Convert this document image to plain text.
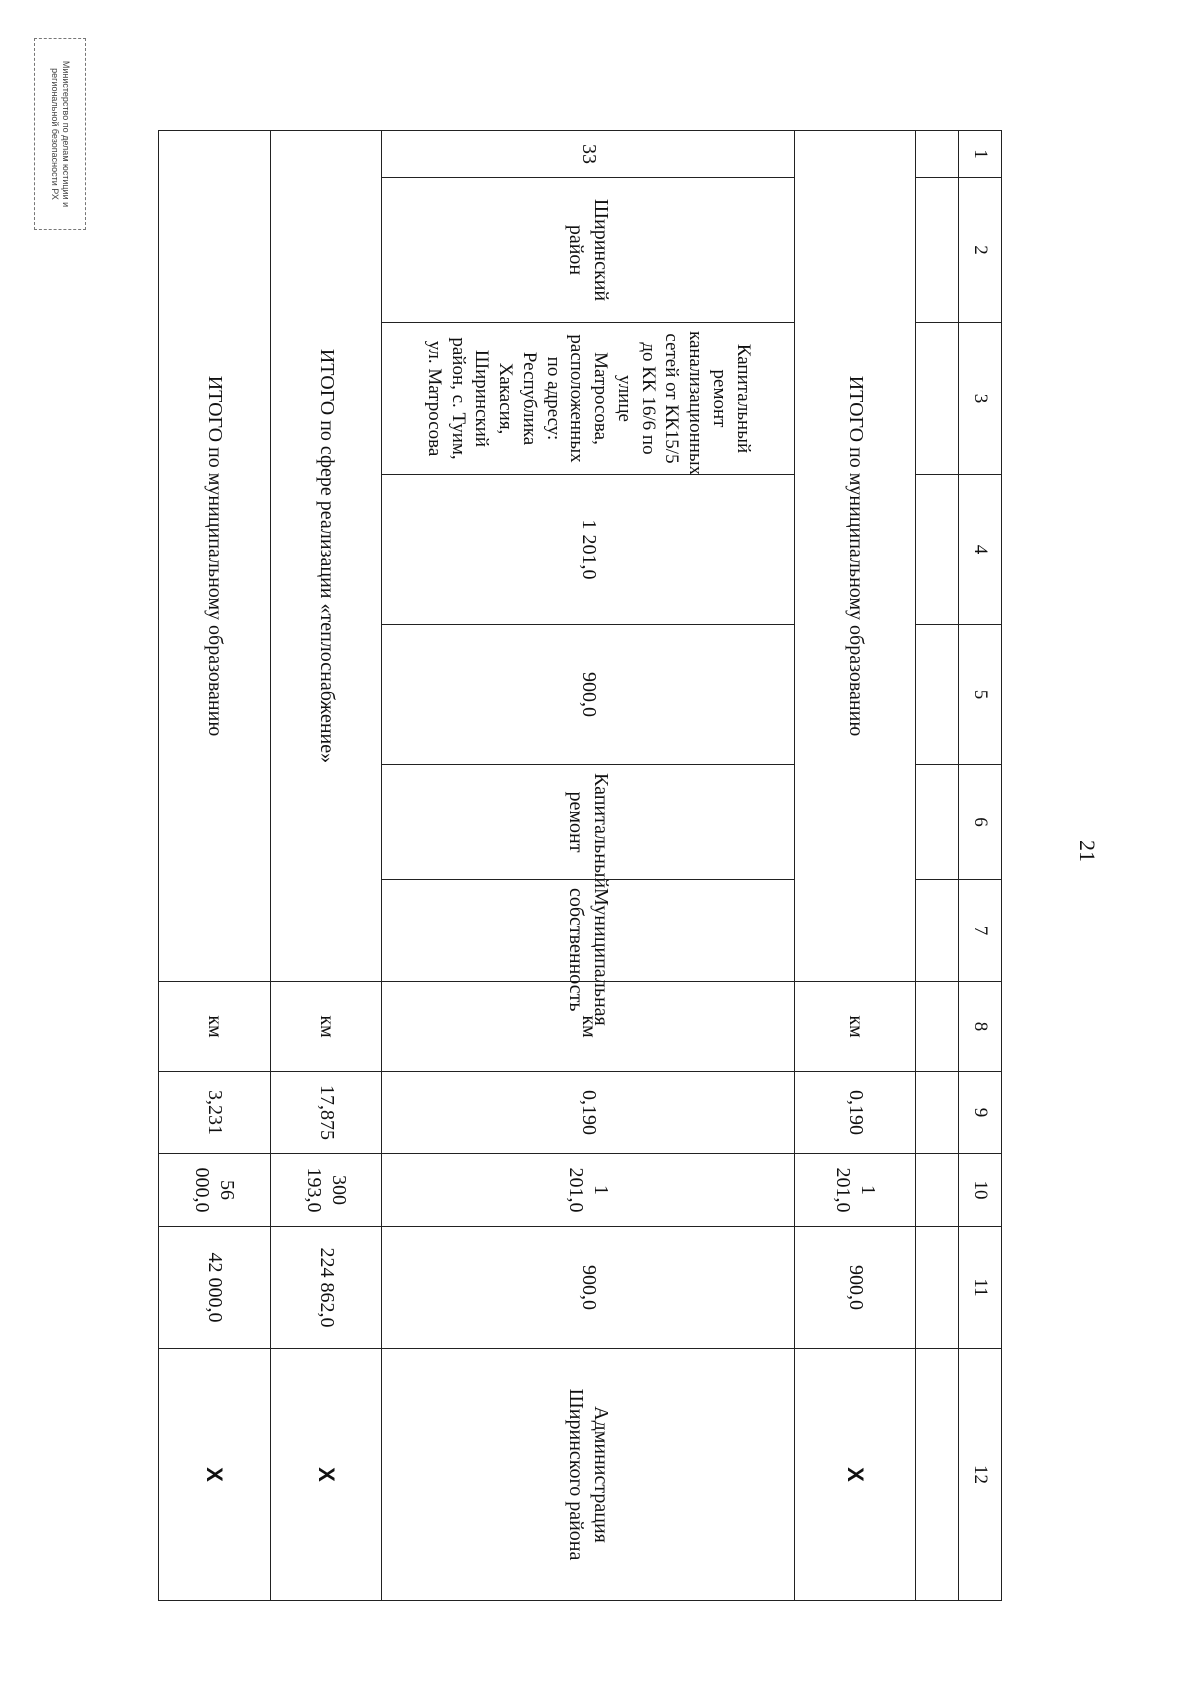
Министерство по делам юстиции и региональной безопасности РХ
21
1	2	3	4	5	6	7	8	9	10	11	12

ИТОГО по муниципальному образованию							км	0,190	1 201,0	900,0	Х
33	Ширинский район	Капитальный ремонт канализационных сетей от КК15/5 до КК 16/6 по улице Матросова, расположенных по адресу: Республика Хакасия, Ширинский район, с. Туим, ул. Матросова	1 201,0	900,0	Капитальный ремонт	Муниципальная собственность	км	0,190	1 201,0	900,0	Администрация Ширинского района
ИТОГО по сфере реализации «теплоснабжение»							км	17,875	300 193,0	224 862,0	Х
ИТОГО по муниципальному образованию							км	3,231	56 000,0	42 000,0	Х
